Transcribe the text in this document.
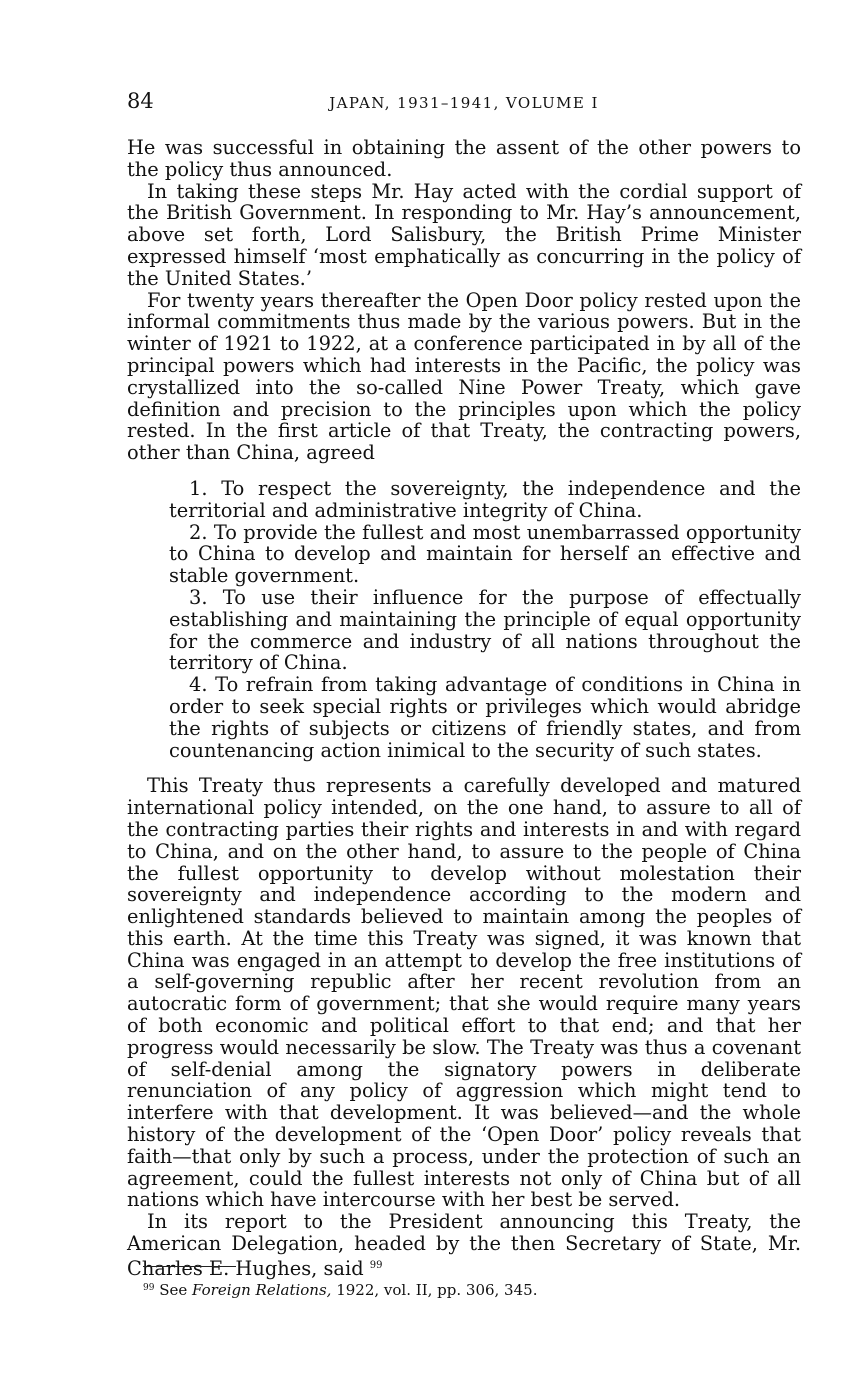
84	JAPAN, 1931–1941, VOLUME I

He was successful in obtaining the assent of the other powers to the policy thus announced.

In taking these steps Mr. Hay acted with the cordial support of the British Government. In responding to Mr. Hay’s announcement, above set forth, Lord Salisbury, the British Prime Minister expressed himself ‘most emphatically as concurring in the policy of the United States.’

For twenty years thereafter the Open Door policy rested upon the informal commitments thus made by the various powers. But in the winter of 1921 to 1922, at a conference participated in by all of the principal powers which had interests in the Pacific, the policy was crystallized into the so-called Nine Power Treaty, which gave definition and precision to the principles upon which the policy rested. In the first article of that Treaty, the contracting powers, other than China, agreed

1. To respect the sovereignty, the independence and the territorial and administrative integrity of China.

2. To provide the fullest and most unembarrassed opportunity to China to develop and maintain for herself an effective and stable government.

3. To use their influence for the purpose of effectually establishing and maintaining the principle of equal opportunity for the commerce and industry of all nations throughout the territory of China.

4. To refrain from taking advantage of conditions in China in order to seek special rights or privileges which would abridge the rights of subjects or citizens of friendly states, and from countenancing action inimical to the security of such states.

This Treaty thus represents a carefully developed and matured international policy intended, on the one hand, to assure to all of the contracting parties their rights and interests in and with regard to China, and on the other hand, to assure to the people of China the fullest opportunity to develop without molestation their sovereignty and independence according to the modern and enlightened standards believed to maintain among the peoples of this earth. At the time this Treaty was signed, it was known that China was engaged in an attempt to develop the free institutions of a self-governing republic after her recent revolution from an autocratic form of government; that she would require many years of both economic and political effort to that end; and that her progress would necessarily be slow. The Treaty was thus a covenant of self-denial among the signatory powers in deliberate renunciation of any policy of aggression which might tend to interfere with that development. It was believed—and the whole history of the development of the ‘Open Door’ policy reveals that faith—that only by such a process, under the protection of such an agreement, could the fullest interests not only of China but of all nations which have intercourse with her best be served.

In its report to the President announcing this Treaty, the American Delegation, headed by the then Secretary of State, Mr. Charles E. Hughes, said $^{99}$

$^{99}$ See Foreign Relations, 1922, vol. II, pp. 306, 345.
